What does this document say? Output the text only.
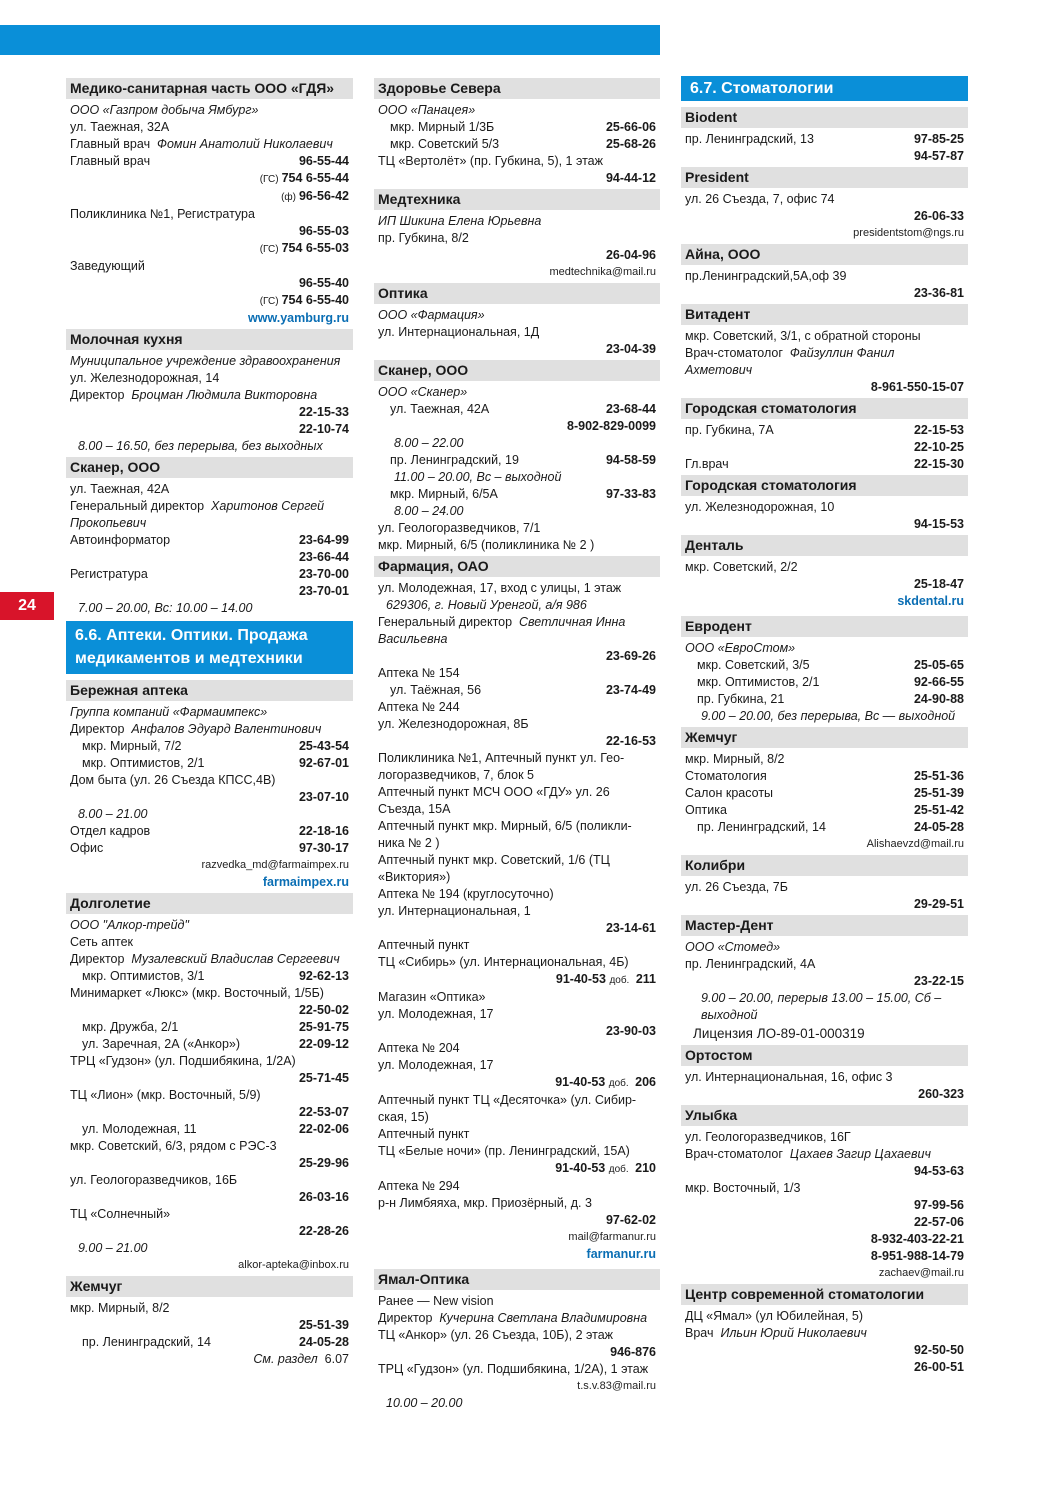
24
Медико-санитарная часть ООО «ГДЯ»
ООО «Газпром добыча Ямбург»
ул. Таежная, 32А
Главный врач Фомин Анатолий Николаевич
Главный врач	96-55-44
(ГС) 754 6-55-44
(ф) 96-56-42
Поликлиника №1, Регистратура
96-55-03
(ГС) 754 6-55-03
Заведующий
96-55-40
(ГС) 754 6-55-40
www.yamburg.ru
Молочная кухня
Муниципальное учреждение здравоохранения
ул. Железнодорожная, 14
Директор Броцман Людмила Викторовна
22-15-33
22-10-74
8.00 – 16.50, без перерыва, без выходных
Сканер, ООО
ул. Таежная, 42А
Генеральный директор Харитонов Сергей
Прокопьевич
Автоинформатор	23-64-99
23-66-44
Регистратура	23-70-00
23-70-01
7.00 – 20.00, Вс: 10.00 – 14.00
6.6. Аптеки. Оптики. Продажа медикаментов и медтехники
Бережная аптека
Группа компаний «Фармаимпекс»
Директор Анфалов Эдуард Валентинович
мкр. Мирный, 7/2	25-43-54
мкр. Оптимистов, 2/1	92-67-01
Дом быта (ул. 26 Съезда КПСС,4В)
23-07-10
8.00 – 21.00
Отдел кадров	22-18-16
Офис	97-30-17
razvedka_md@farmaimpex.ru
farmaimpex.ru
Долголетие
ООО "Алкор-трейд"
Сеть аптек
Директор Музалевский Владислав Сергеевич
мкр. Оптимистов, 3/1	92-62-13
Минимаркет «Люкс» (мкр. Восточный, 1/5Б)
22-50-02
мкр. Дружба, 2/1	25-91-75
ул. Заречная, 2А («Анкор»)	22-09-12
ТРЦ «Гудзон» (ул. Подшибякина, 1/2А)
25-71-45
ТЦ «Лион» (мкр. Восточный, 5/9)
22-53-07
ул. Молодежная, 11	22-02-06
мкр. Советский, 6/3, рядом с РЭС-3
25-29-96
ул. Геологоразведчиков, 16Б
26-03-16
ТЦ «Солнечный»
22-28-26
9.00 – 21.00
alkor-apteka@inbox.ru
Жемчуг
мкр. Мирный, 8/2
25-51-39
пр. Ленинградский, 14	24-05-28
См. раздел 6.07
Здоровье Севера
ООО «Панацея»
мкр. Мирный 1/3Б	25-66-06
мкр. Советский 5/3	25-68-26
ТЦ «Вертолёт» (пр. Губкина, 5), 1 этаж
94-44-12
Медтехника
ИП Шикина Елена Юрьевна
пр. Губкина, 8/2
26-04-96
medtechnika@mail.ru
Оптика
ООО «Фармация»
ул. Интернациональная, 1Д
23-04-39
Сканер, ООО
ООО «Сканер»
ул. Таежная, 42А	23-68-44
8-902-829-0099
8.00 – 22.00
пр. Ленинградский, 19	94-58-59
11.00 – 20.00, Вс – выходной
мкр. Мирный, 6/5А	97-33-83
8.00 – 24.00
ул. Геологоразведчиков, 7/1
мкр. Мирный, 6/5 (поликлиника № 2 )
Фармация, ОАО
ул. Молодежная, 17, вход с улицы, 1 этаж
629306, г. Новый Уренгой, а/я 986
Генеральный директор Светличная Инна
Васильевна
23-69-26
Аптека № 154
ул. Таёжная, 56	23-74-49
Аптека № 244
ул. Железнодорожная, 8Б
22-16-53
Поликлиника №1, Аптечный пункт ул. Гео-
логоразведчиков, 7, блок 5
Аптечный пункт МСЧ ООО «ГДУ» ул. 26
Съезда, 15А
Аптечный пункт мкр. Мирный, 6/5 (поликли-
ника № 2 )
Аптечный пункт мкр. Советский, 1/6 (ТЦ
«Виктория»)
Аптека № 194 (круглосуточно)
ул. Интернациональная, 1
23-14-61
Аптечный пункт
ТЦ «Сибирь» (ул. Интернациональная, 4Б)
91-40-53 доб. 211
Магазин «Оптика»
ул. Молодежная, 17
23-90-03
Аптека № 204
ул. Молодежная, 17
91-40-53 доб. 206
Аптечный пункт ТЦ «Десяточка» (ул. Сибир-
ская, 15)
Аптечный пункт
ТЦ «Белые ночи» (пр. Ленинградский, 15А)
91-40-53 доб. 210
Аптека № 294
р-н Лимбяяха, мкр. Приозёрный, д. 3
97-62-02
mail@farmanur.ru
farmanur.ru
Ямал-Оптика
Ранее — New vision
Директор Кучерина Светлана Владимировна
ТЦ «Анкор» (ул. 26 Съезда, 10Б), 2 этаж
946-876
ТРЦ «Гудзон» (ул. Подшибякина, 1/2А), 1 этаж
t.s.v.83@mail.ru
10.00 – 20.00
6.7. Стоматологии
Biodent
пр. Ленинградский, 13	97-85-25
94-57-87
President
ул. 26 Съезда, 7, офис 74
26-06-33
presidentstom@ngs.ru
Айна, ООО
пр.Ленинградский,5А,оф 39
23-36-81
Витадент
мкр. Советский, 3/1, с обратной стороны
Врач-стоматолог Файзуллин Фанил
Ахметович
8-961-550-15-07
Городская стоматология
пр. Губкина, 7А	22-15-53
22-10-25
Гл.врач	22-15-30
Городская стоматология
ул. Железнодорожная, 10
94-15-53
Денталь
мкр. Советский, 2/2
25-18-47
skdental.ru
Евродент
ООО «ЕвроСтом»
мкр. Советский, 3/5	25-05-65
мкр. Оптимистов, 2/1	92-66-55
пр. Губкина, 21	24-90-88
9.00 – 20.00, без перерыва, Вс — выходной
Жемчуг
мкр. Мирный, 8/2
Стоматология	25-51-36
Салон красоты	25-51-39
Оптика	25-51-42
пр. Ленинградский, 14	24-05-28
Alishaevzd@mail.ru
Колибри
ул. 26 Съезда, 7Б
29-29-51
Мастер-Дент
ООО «Стомед»
пр. Ленинградский, 4А
23-22-15
9.00 – 20.00, перерыв 13.00 – 15.00, Сб –
выходной
Лицензия ЛО-89-01-000319
Ортостом
ул. Интернациональная, 16, офис 3
260-323
Улыбка
ул. Геологоразведчиков, 16Г
Врач-стоматолог Цахаев Загир Цахаевич
94-53-63
мкр. Восточный, 1/3
97-99-56
22-57-06
8-932-403-22-21
8-951-988-14-79
zachaev@mail.ru
Центр современной стоматологии
ДЦ «Ямал» (ул Юбилейная, 5)
Врач Ильин Юрий Николаевич
92-50-50
26-00-51
